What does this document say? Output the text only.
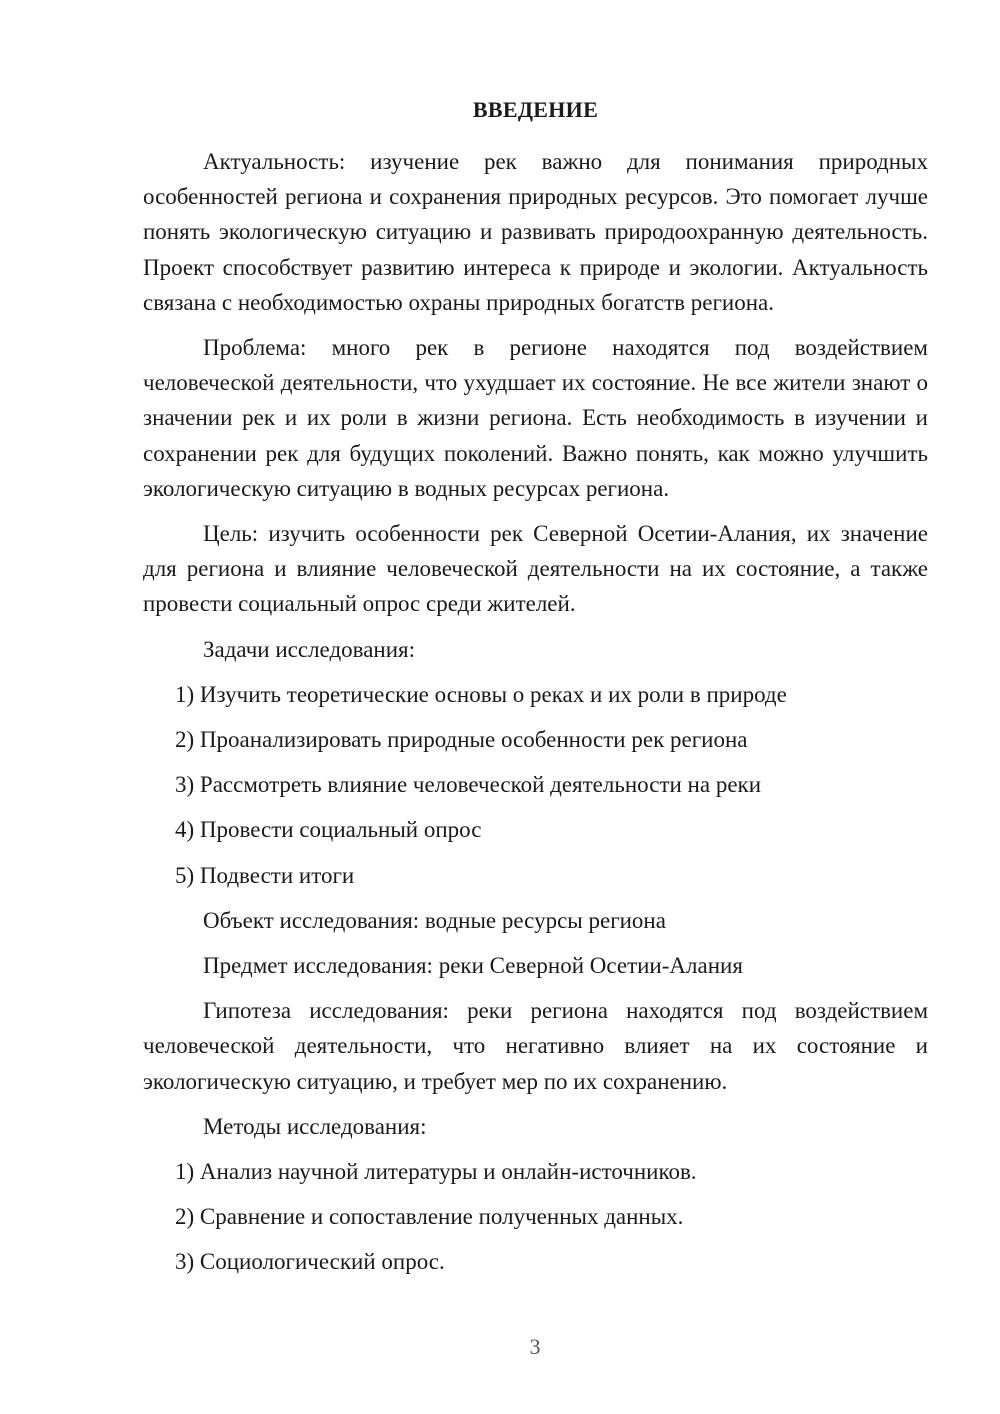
ВВЕДЕНИЕ
Актуальность: изучение рек важно для понимания природных особенностей региона и сохранения природных ресурсов. Это помогает лучше понять экологическую ситуацию и развивать природоохранную деятельность. Проект способствует развитию интереса к природе и экологии. Актуальность связана с необходимостью охраны природных богатств региона.
Проблема: много рек в регионе находятся под воздействием человеческой деятельности, что ухудшает их состояние. Не все жители знают о значении рек и их роли в жизни региона. Есть необходимость в изучении и сохранении рек для будущих поколений. Важно понять, как можно улучшить экологическую ситуацию в водных ресурсах региона.
Цель: изучить особенности рек Северной Осетии-Алания, их значение для региона и влияние человеческой деятельности на их состояние, а также провести социальный опрос среди жителей.
Задачи исследования:
1) Изучить теоретические основы о реках и их роли в природе
2) Проанализировать природные особенности рек региона
3) Рассмотреть влияние человеческой деятельности на реки
4) Провести социальный опрос
5) Подвести итоги
Объект исследования: водные ресурсы региона
Предмет исследования: реки Северной Осетии-Алания
Гипотеза исследования: реки региона находятся под воздействием человеческой деятельности, что негативно влияет на их состояние и экологическую ситуацию, и требует мер по их сохранению.
Методы исследования:
1) Анализ научной литературы и онлайн-источников.
2) Сравнение и сопоставление полученных данных.
3) Социологический опрос.
3
